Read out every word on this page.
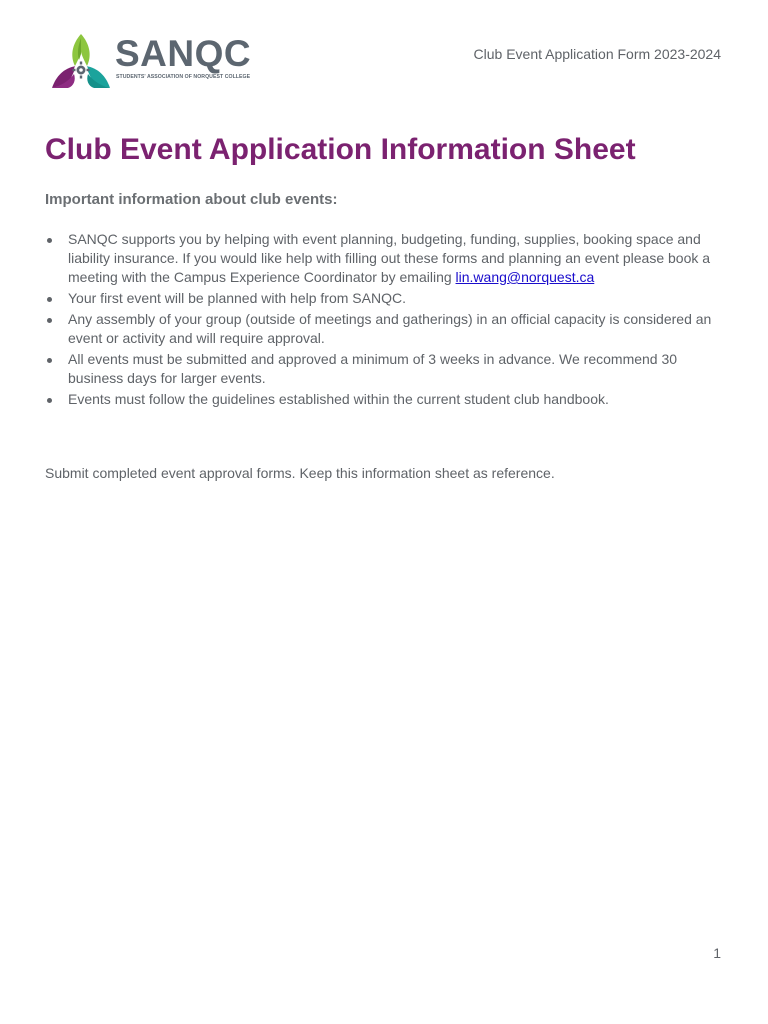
SANQC
STUDENTS' ASSOCIATION OF NORQUEST COLLEGE
Club Event Application Form 2023-2024
Club Event Application Information Sheet
Important information about club events:
SANQC supports you by helping with event planning, budgeting, funding, supplies, booking space and liability insurance. If you would like help with filling out these forms and planning an event please book a meeting with the Campus Experience Coordinator by emailing lin.wang@norquest.ca
Your first event will be planned with help from SANQC.
Any assembly of your group (outside of meetings and gatherings) in an official capacity is considered an event or activity and will require approval.
All events must be submitted and approved a minimum of 3 weeks in advance. We recommend 30 business days for larger events.
Events must follow the guidelines established within the current student club handbook.

Submit completed event approval forms. Keep this information sheet as reference.

1
